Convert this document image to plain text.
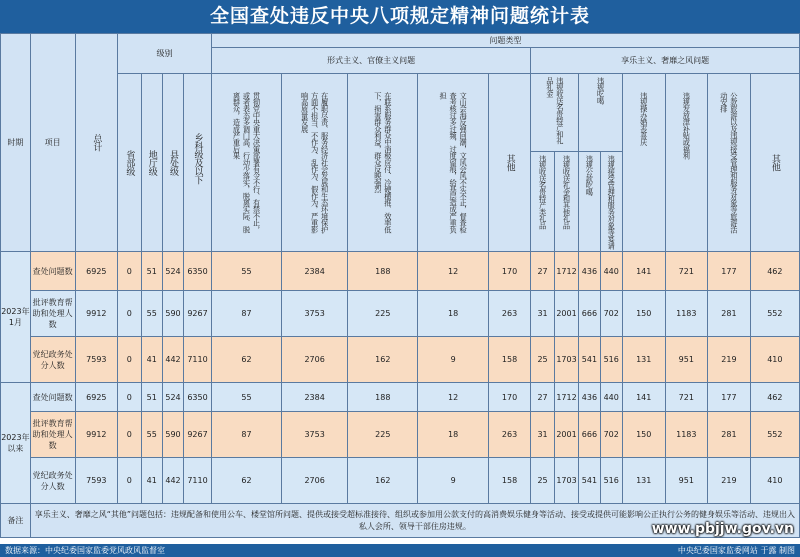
全国查处违反中央八项规定精神问题统计表
时期	项目	总计	级别				问题类型												
							形式主义、官僚主义问题					享乐主义、奢靡之风问题							

			省部级	地厅级	县处级	乡科级及以下	贯彻党中央重大决策部署有令不行、有禁不止，或者表态多调门高、行动少落实，脱离实际、脱离群众，造成严重后果	在履职尽责、服务经济社会发展和生态环境保护方面不担当、不作为、乱作为、假作为，严重影响高质量发展	在联系服务群众中消极应付、冷硬横推、效率低下，损害群众利益，群众反映强烈	文山会海反弹回潮，文风会风不实不正，督查检查考核过多过频、过度留痕，给基层造成严重负担	其他	违规收送名贵特产和礼品礼金		违规吃喝		违规操办婚丧喜庆	违规发放津补贴或福利	公款旅游以及违规接受管理和服务对象等旅游活动安排	其他

												违规收送名贵特产类礼品	违规收送礼金和其他礼品	违规公款吃喝	违规接受管理和服务对象等宴请				

2023年1月	查处问题数	6925	0	51	524	6350	55	2384	188	12	170	27	1712	436	440	141	721	177	462
	批评教育帮助和处理人数	9912	0	55	590	9267	87	3753	225	18	263	31	2001	666	702	150	1183	281	552
	党纪政务处分人数	7593	0	41	442	7110	62	2706	162	9	158	25	1703	541	516	131	951	219	410
2023年以来	查处问题数	6925	0	51	524	6350	55	2384	188	12	170	27	1712	436	440	141	721	177	462
	批评教育帮助和处理人数	9912	0	55	590	9267	87	3753	225	18	263	31	2001	666	702	150	1183	281	552
	党纪政务处分人数	7593	0	41	442	7110	62	2706	162	9	158	25	1703	541	516	131	951	219	410
备注	享乐主义、奢靡之风“其他”问题包括：违规配备和使用公车、楼堂馆所问题、提供或接受超标准接待、组织或参加用公款支付的高消费娱乐健身等活动、接受或提供可能影响公正执行公务的健身娱乐等活动、违规出入私人会所、领导干部住房违规。																			www.pbjjw.gov.vn
数据来源：中央纪委国家监委党风政风监督室	中央纪委国家监委网站 于露 制图
